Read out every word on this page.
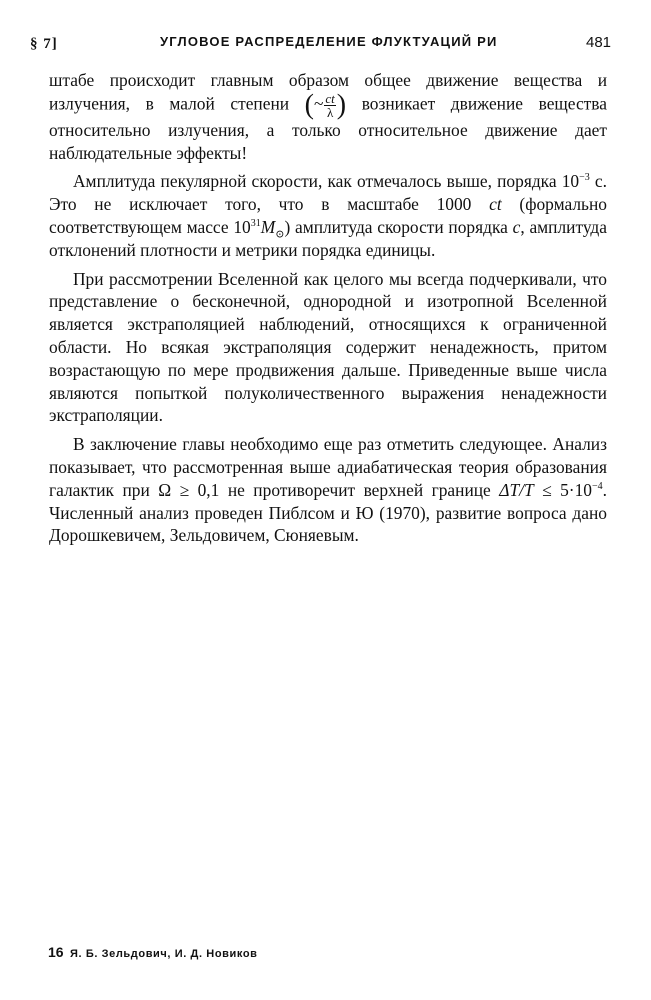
§ 7]	УГЛОВОЕ РАСПРЕДЕЛЕНИЕ ФЛУКТУАЦИЙ РИ	481

штабе происходит главным образом общее движение вещества и излучения, в малой степени (~ $\frac{ct}{\lambda}$ ) возникает движение вещества относительно излучения, а только относительное движение дает наблюдательные эффекты!

Амплитуда пекулярной скорости, как отмечалось выше, порядка $10^{-3}$ c. Это не исключает того, что в масштабе 1000 ct (формально соответствующем массе $10^{31}M_⊙$) амплитуда скорости порядка c, амплитуда отклонений плотности и метрики порядка единицы.

При рассмотрении Вселенной как целого мы всегда подчеркивали, что представление о бесконечной, однородной и изотропной Вселенной является экстраполяцией наблюдений, относящихся к ограниченной области. Но всякая экстраполяция содержит ненадежность, притом возрастающую по мере продвижения дальше. Приведенные выше числа являются попыткой полуколичественного выражения ненадежности экстраполяции.

В заключение главы необходимо еще раз отметить следующее. Анализ показывает, что рассмотренная выше адиабатическая теория образования галактик при Ω ≥ 0,1 не противоречит верхней границе $\Delta T/T \le 5\cdot 10^{-4}$. Численный анализ проведен Пиблсом и Ю (1970), развитие вопроса дано Дорошкевичем, Зельдовичем, Сюняевым.

16 Я. Б. Зельдович, И. Д. Новиков
